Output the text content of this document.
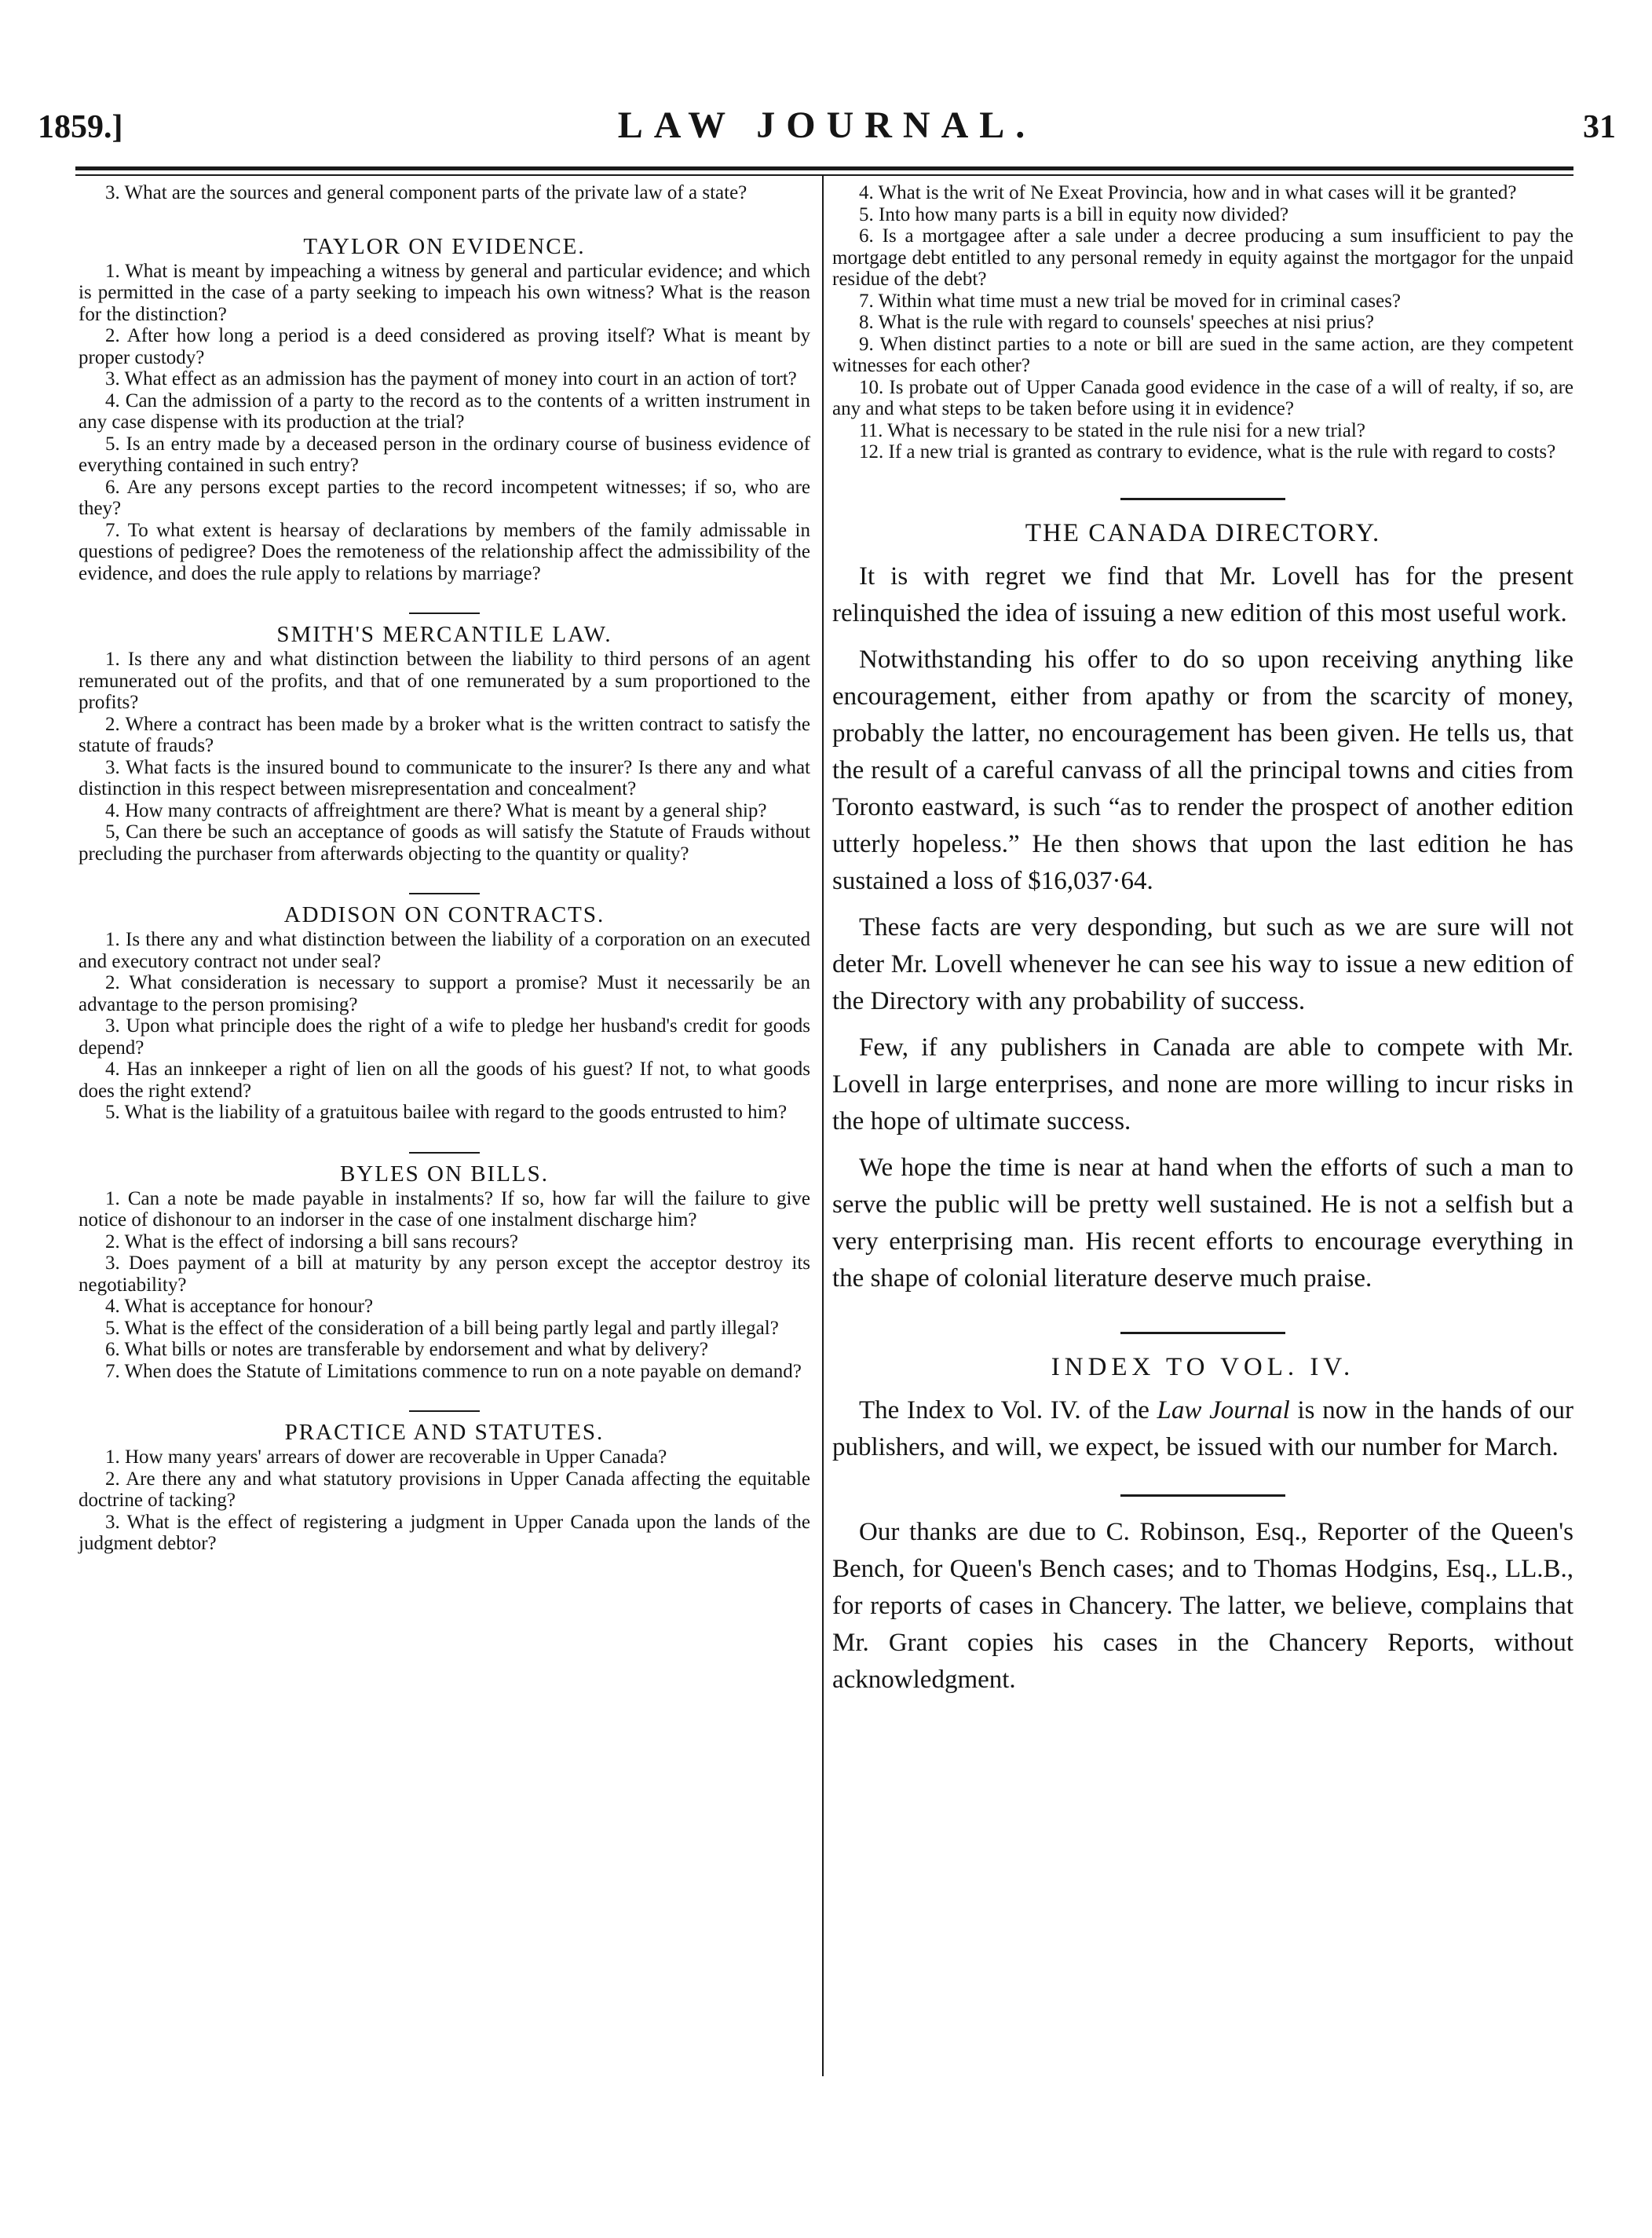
1859.]	LAW JOURNAL.	31

3. What are the sources and general component parts of the private law of a state?

TAYLOR ON EVIDENCE.

1. What is meant by impeaching a witness by general and particular evidence; and which is permitted in the case of a party seeking to impeach his own witness? What is the reason for the distinction?

2. After how long a period is a deed considered as proving itself? What is meant by proper custody?

3. What effect as an admission has the payment of money into court in an action of tort?

4. Can the admission of a party to the record as to the contents of a written instrument in any case dispense with its production at the trial?

5. Is an entry made by a deceased person in the ordinary course of business evidence of everything contained in such entry?

6. Are any persons except parties to the record incompetent witnesses; if so, who are they?

7. To what extent is hearsay of declarations by members of the family admissable in questions of pedigree? Does the remoteness of the relationship affect the admissibility of the evidence, and does the rule apply to relations by marriage?

SMITH'S MERCANTILE LAW.

1. Is there any and what distinction between the liability to third persons of an agent remunerated out of the profits, and that of one remunerated by a sum proportioned to the profits?

2. Where a contract has been made by a broker what is the written contract to satisfy the statute of frauds?

3. What facts is the insured bound to communicate to the insurer? Is there any and what distinction in this respect between misrepresentation and concealment?

4. How many contracts of affreightment are there? What is meant by a general ship?

5, Can there be such an acceptance of goods as will satisfy the Statute of Frauds without precluding the purchaser from afterwards objecting to the quantity or quality?

ADDISON ON CONTRACTS.

1. Is there any and what distinction between the liability of a corporation on an executed and executory contract not under seal?

2. What consideration is necessary to support a promise? Must it necessarily be an advantage to the person promising?

3. Upon what principle does the right of a wife to pledge her husband's credit for goods depend?

4. Has an innkeeper a right of lien on all the goods of his guest? If not, to what goods does the right extend?

5. What is the liability of a gratuitous bailee with regard to the goods entrusted to him?

BYLES ON BILLS.

1. Can a note be made payable in instalments? If so, how far will the failure to give notice of dishonour to an indorser in the case of one instalment discharge him?

2. What is the effect of indorsing a bill sans recours?

3. Does payment of a bill at maturity by any person except the acceptor destroy its negotiability?

4. What is acceptance for honour?

5. What is the effect of the consideration of a bill being partly legal and partly illegal?

6. What bills or notes are transferable by endorsement and what by delivery?

7. When does the Statute of Limitations commence to run on a note payable on demand?

PRACTICE AND STATUTES.

1. How many years' arrears of dower are recoverable in Upper Canada?

2. Are there any and what statutory provisions in Upper Canada affecting the equitable doctrine of tacking?

3. What is the effect of registering a judgment in Upper Canada upon the lands of the judgment debtor?

4. What is the writ of Ne Exeat Provincia, how and in what cases will it be granted?

5. Into how many parts is a bill in equity now divided?

6. Is a mortgagee after a sale under a decree producing a sum insufficient to pay the mortgage debt entitled to any personal remedy in equity against the mortgagor for the unpaid residue of the debt?

7. Within what time must a new trial be moved for in criminal cases?

8. What is the rule with regard to counsels' speeches at nisi prius?

9. When distinct parties to a note or bill are sued in the same action, are they competent witnesses for each other?

10. Is probate out of Upper Canada good evidence in the case of a will of realty, if so, are any and what steps to be taken before using it in evidence?

11. What is necessary to be stated in the rule nisi for a new trial?

12. If a new trial is granted as contrary to evidence, what is the rule with regard to costs?

THE CANADA DIRECTORY.

It is with regret we find that Mr. Lovell has for the present relinquished the idea of issuing a new edition of this most useful work.

Notwithstanding his offer to do so upon receiving anything like encouragement, either from apathy or from the scarcity of money, probably the latter, no encouragement has been given. He tells us, that the result of a careful canvass of all the principal towns and cities from Toronto eastward, is such “as to render the prospect of another edition utterly hopeless.” He then shows that upon the last edition he has sustained a loss of $16,037·64.

These facts are very desponding, but such as we are sure will not deter Mr. Lovell whenever he can see his way to issue a new edition of the Directory with any probability of success.

Few, if any publishers in Canada are able to compete with Mr. Lovell in large enterprises, and none are more willing to incur risks in the hope of ultimate success.

We hope the time is near at hand when the efforts of such a man to serve the public will be pretty well sustained. He is not a selfish but a very enterprising man. His recent efforts to encourage everything in the shape of colonial literature deserve much praise.

INDEX TO VOL. IV.

The Index to Vol. IV. of the Law Journal is now in the hands of our publishers, and will, we expect, be issued with our number for March.

Our thanks are due to C. Robinson, Esq., Reporter of the Queen's Bench, for Queen's Bench cases; and to Thomas Hodgins, Esq., LL.B., for reports of cases in Chancery. The latter, we believe, complains that Mr. Grant copies his cases in the Chancery Reports, without acknowledgment.
